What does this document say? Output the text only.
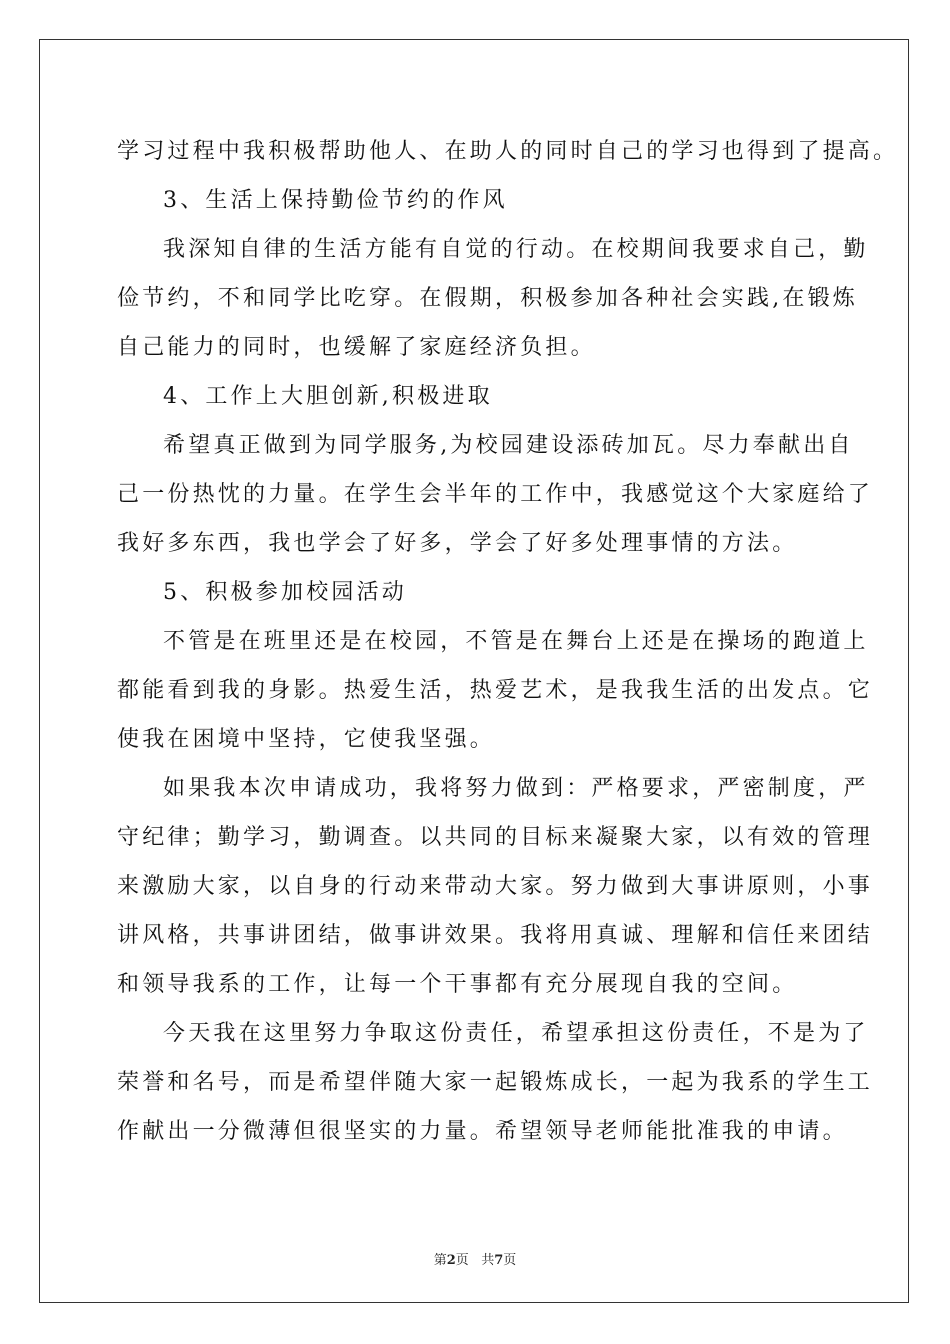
学习过程中我积极帮助他人、在助人的同时自己的学习也得到了提高。
3、生活上保持勤俭节约的作风
我深知自律的生活方能有自觉的行动。在校期间我要求自己，勤
俭节约，不和同学比吃穿。在假期，积极参加各种社会实践,在锻炼
自己能力的同时，也缓解了家庭经济负担。
4、工作上大胆创新,积极进取
希望真正做到为同学服务,为校园建设添砖加瓦。尽力奉献出自
己一份热忱的力量。在学生会半年的工作中，我感觉这个大家庭给了
我好多东西，我也学会了好多，学会了好多处理事情的方法。
5、积极参加校园活动
不管是在班里还是在校园，不管是在舞台上还是在操场的跑道上
都能看到我的身影。热爱生活，热爱艺术，是我我生活的出发点。它
使我在困境中坚持，它使我坚强。
如果我本次申请成功，我将努力做到：严格要求，严密制度，严
守纪律；勤学习，勤调查。以共同的目标来凝聚大家，以有效的管理
来激励大家，以自身的行动来带动大家。努力做到大事讲原则，小事
讲风格，共事讲团结，做事讲效果。我将用真诚、理解和信任来团结
和领导我系的工作，让每一个干事都有充分展现自我的空间。
今天我在这里努力争取这份责任，希望承担这份责任，不是为了
荣誉和名号，而是希望伴随大家一起锻炼成长，一起为我系的学生工
作献出一分微薄但很坚实的力量。希望领导老师能批准我的申请。
第2页 共7页
